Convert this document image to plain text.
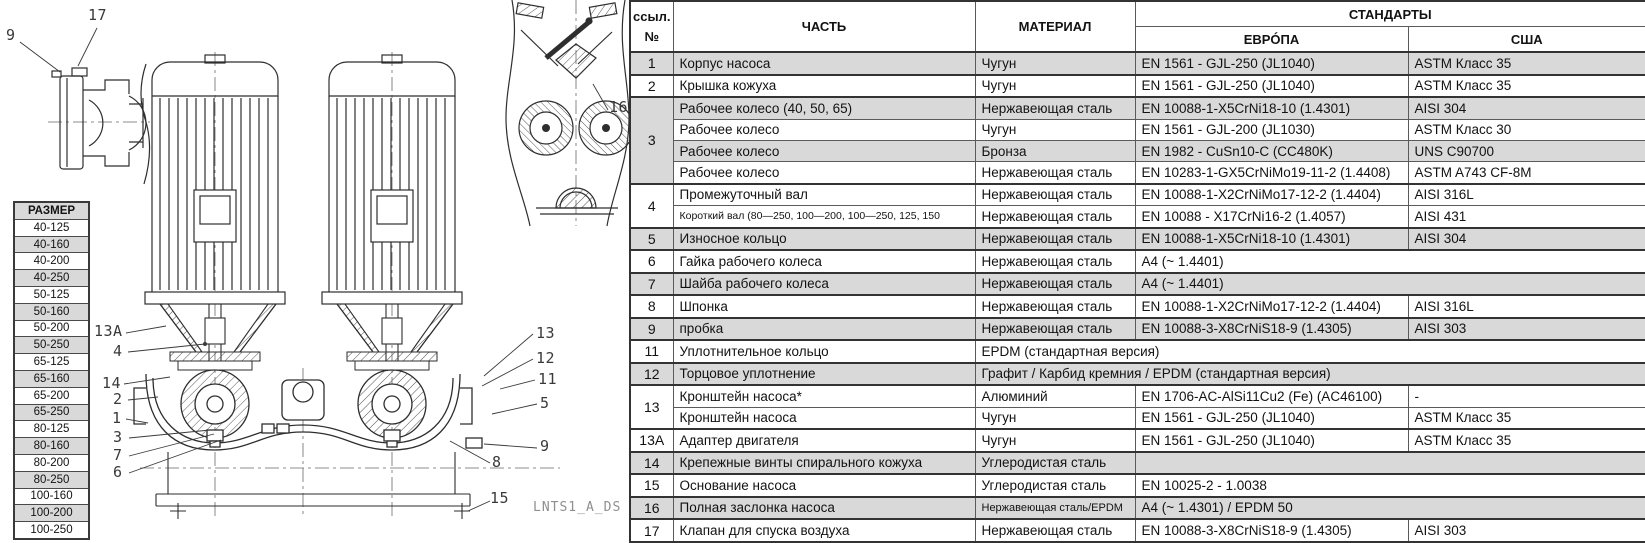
9
17
16
13A
4
14
2
1
3
7
6
13
12
11
5
9
8
15
РАЗМЕР
40-125
40-160
40-200
40-250
50-125
50-160
50-200
50-250
65-125
65-160
65-200
65-250
80-125
80-160
80-200
80-250
100-160
100-200
100-250
LNTS1_A_DS
ссыл.
№	ЧАСТЬ	МАТЕРИАЛ	СТАНДАРТЫ	
			ЕВРÓПА	США
1	Корпус насоса	Чугун	EN 1561 - GJL-250 (JL1040)	ASTM Класс 35
2	Крышка кожуха	Чугун	EN 1561 - GJL-250 (JL1040)	ASTM Класс 35
3	Рабочее колесо (40, 50, 65)	Нержавеющая сталь	EN 10088-1-X5CrNi18-10 (1.4301)	AISI 304
	Рабочее колесо	Чугун	EN 1561 - GJL-200 (JL1030)	ASTM Класс 30
	Рабочее колесо	Бронза	EN 1982 - CuSn10-C (CC480K)	UNS C90700
	Рабочее колесо	Нержавеющая сталь	EN 10283-1-GX5CrNiMo19-11-2 (1.4408)	ASTM A743 CF-8M
4	Промежуточный вал	Нержавеющая сталь	EN 10088-1-X2CrNiMo17-12-2 (1.4404)	AISI 316L
	Короткий вал (80—250, 100—200, 100—250, 125, 150	Нержавеющая сталь	EN 10088 - X17CrNi16-2 (1.4057)	AISI 431
5	Износное кольцо	Нержавеющая сталь	EN 10088-1-X5CrNi18-10 (1.4301)	AISI 304
6	Гайка рабочего колеса	Нержавеющая сталь	A4 (~ 1.4401)	
7	Шайба рабочего колеса	Нержавеющая сталь	A4 (~ 1.4401)	
8	Шпонка	Нержавеющая сталь	EN 10088-1-X2CrNiMo17-12-2 (1.4404)	AISI 316L
9	пробка	Нержавеющая сталь	EN 10088-3-X8CrNiS18-9 (1.4305)	AISI 303
11	Уплотнительное кольцо	EPDM (стандартная версия)		
12	Торцовое уплотнение	Графит / Карбид кремния / EPDM (стандартная версия)		
13	Кронштейн насоса*	Алюминий	EN 1706-AC-AlSi11Cu2 (Fe) (AC46100)	-
	Кронштейн насоса	Чугун	EN 1561 - GJL-250 (JL1040)	ASTM Класс 35
13A	Адаптер двигателя	Чугун	EN 1561 - GJL-250 (JL1040)	ASTM Класс 35
14	Крепежные винты спирального кожуха	Углеродистая сталь		
15	Основание насоса	Углеродистая сталь	EN 10025-2 - 1.0038	
16	Полная заслонка насоса	Нержавеющая сталь/EPDM	A4 (~ 1.4301) / EPDM 50	
17	Клапан для спуска воздуха	Нержавеющая сталь	EN 10088-3-X8CrNiS18-9 (1.4305)	AISI 303
